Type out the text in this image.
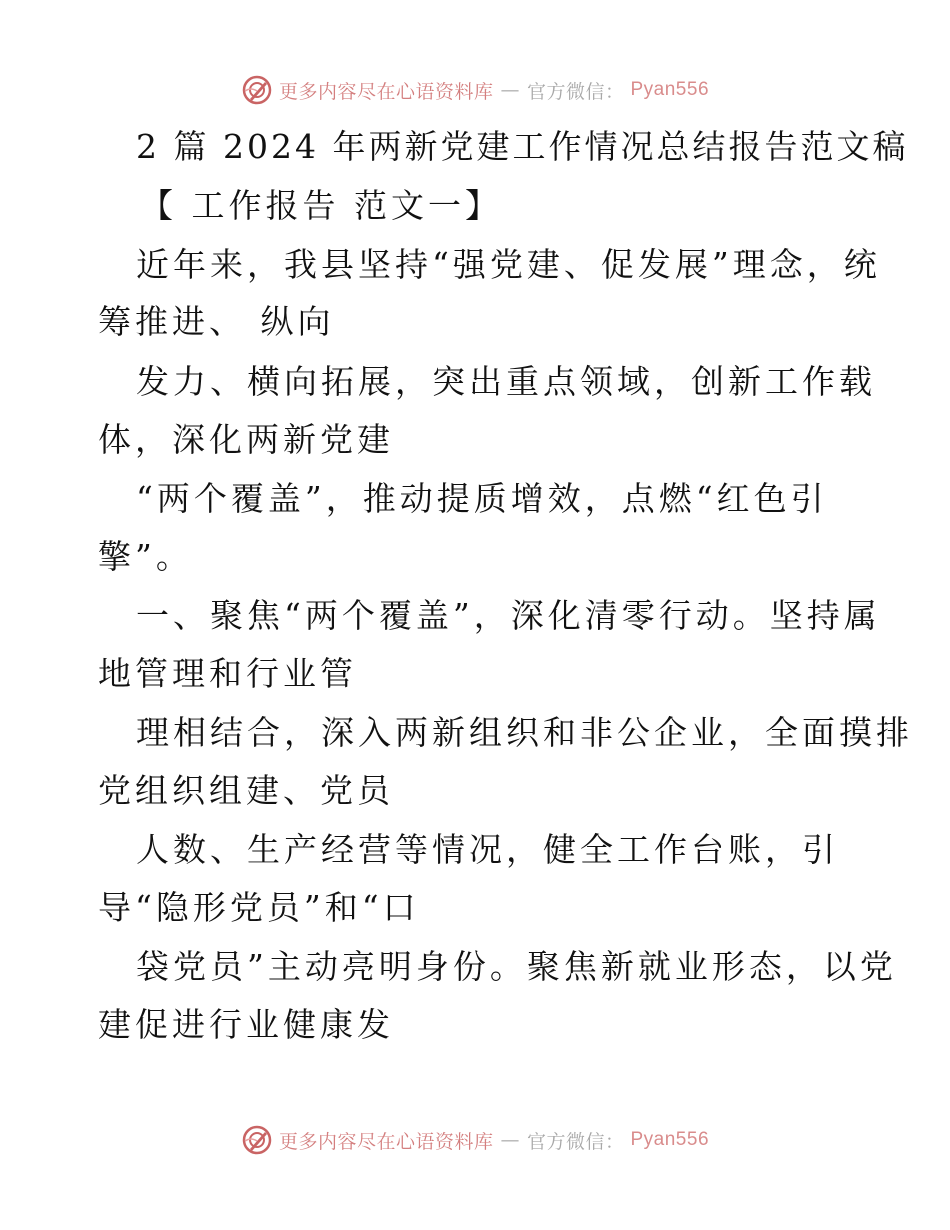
更多内容尽在心语资料库 — 官方微信： Pyan556
2 篇 2024 年两新党建工作情况总结报告范文稿
【 工作报告 范文一】
近年来，我县坚持“强党建、促发展”理念，统
筹推进、 纵向
发力、横向拓展，突出重点领域，创新工作载
体，深化两新党建
“两个覆盖”，推动提质增效，点燃“红色引
擎”。
一、聚焦“两个覆盖”，深化清零行动。坚持属
地管理和行业管
理相结合，深入两新组织和非公企业，全面摸排
党组织组建、党员
人数、生产经营等情况，健全工作台账，引
导“隐形党员”和“口
袋党员”主动亮明身份。聚焦新就业形态，以党
建促进行业健康发
更多内容尽在心语资料库 — 官方微信： Pyan556
